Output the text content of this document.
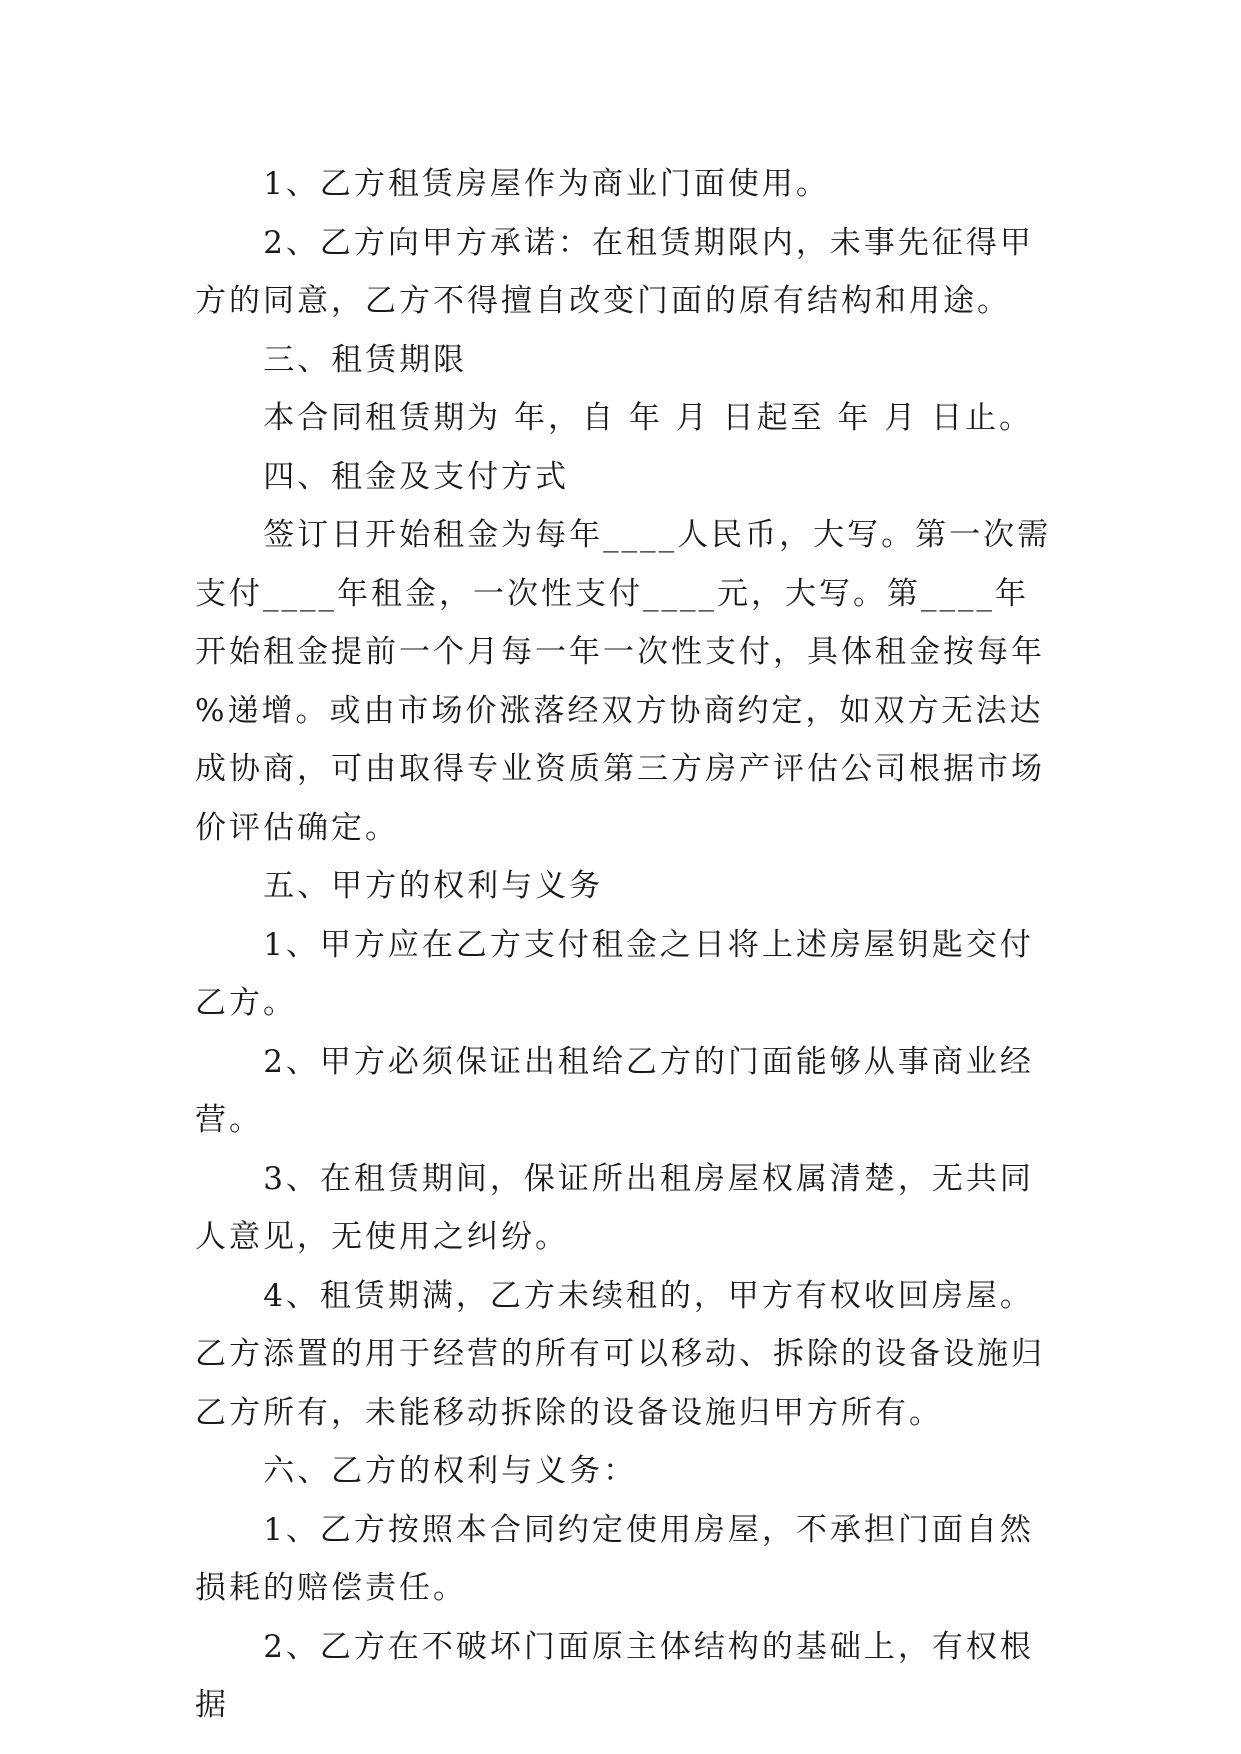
1、乙方租赁房屋作为商业门面使用。

2、乙方向甲方承诺：在租赁期限内，未事先征得甲方的同意，乙方不得擅自改变门面的原有结构和用途。

三、租赁期限

本合同租赁期为 年，自 年 月 日起至 年 月 日止。

四、租金及支付方式

签订日开始租金为每年____人民币，大写。第一次需支付____年租金，一次性支付____元，大写。第____年开始租金提前一个月每一年一次性支付，具体租金按每年 %递增。或由市场价涨落经双方协商约定，如双方无法达成协商，可由取得专业资质第三方房产评估公司根据市场价评估确定。

五、甲方的权利与义务

1、甲方应在乙方支付租金之日将上述房屋钥匙交付乙方。

2、甲方必须保证出租给乙方的门面能够从事商业经营。

3、在租赁期间，保证所出租房屋权属清楚，无共同人意见，无使用之纠纷。

4、租赁期满，乙方未续租的，甲方有权收回房屋。乙方添置的用于经营的所有可以移动、拆除的设备设施归乙方所有，未能移动拆除的设备设施归甲方所有。

六、乙方的权利与义务：

1、乙方按照本合同约定使用房屋，不承担门面自然损耗的赔偿责任。

2、乙方在不破坏门面原主体结构的基础上，有权根据
